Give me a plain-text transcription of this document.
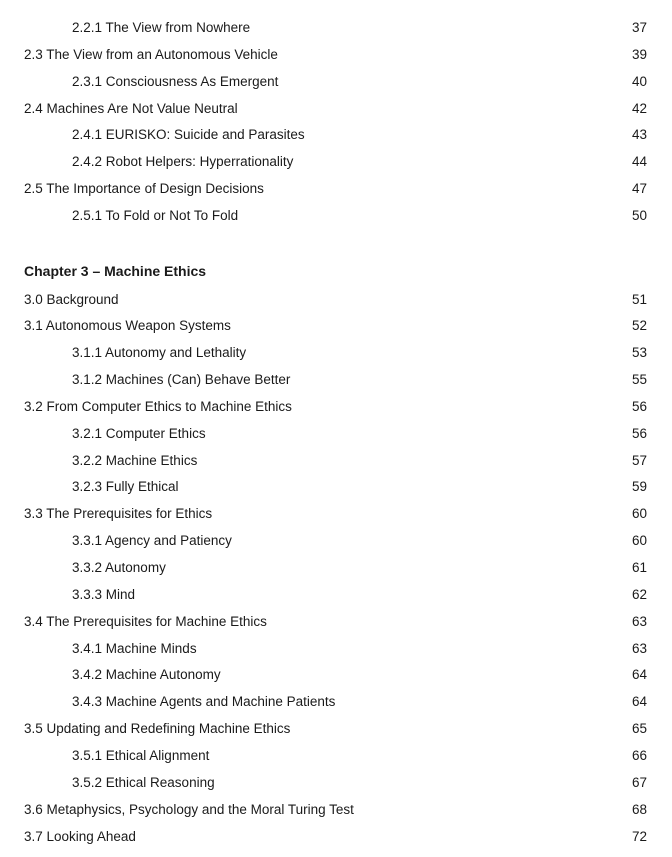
2.2.1 The View from Nowhere	37
2.3 The View from an Autonomous Vehicle	39
2.3.1 Consciousness As Emergent	40
2.4 Machines Are Not Value Neutral	42
2.4.1 EURISKO: Suicide and Parasites	43
2.4.2 Robot Helpers: Hyperrationality	44
2.5 The Importance of Design Decisions	47
2.5.1 To Fold or Not To Fold	50
Chapter 3 – Machine Ethics
3.0 Background	51
3.1 Autonomous Weapon Systems	52
3.1.1 Autonomy and Lethality	53
3.1.2 Machines (Can) Behave Better	55
3.2 From Computer Ethics to Machine Ethics	56
3.2.1 Computer Ethics	56
3.2.2 Machine Ethics	57
3.2.3 Fully Ethical	59
3.3 The Prerequisites for Ethics	60
3.3.1 Agency and Patiency	60
3.3.2 Autonomy	61
3.3.3 Mind	62
3.4 The Prerequisites for Machine Ethics	63
3.4.1 Machine Minds	63
3.4.2 Machine Autonomy	64
3.4.3 Machine Agents and Machine Patients	64
3.5 Updating and Redefining Machine Ethics	65
3.5.1 Ethical Alignment	66
3.5.2 Ethical Reasoning	67
3.6 Metaphysics, Psychology and the Moral Turing Test	68
3.7 Looking Ahead	72
